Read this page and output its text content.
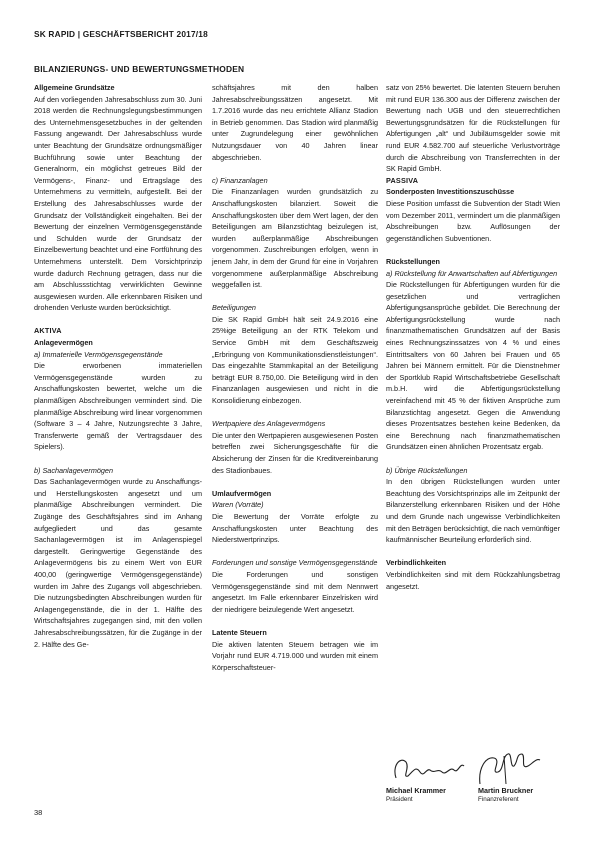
SK RAPID | GESCHÄFTSBERICHT 2017/18
BILANZIERUNGS- UND BEWERTUNGSMETHODEN

Allgemeine Grundsätze

Auf den vorliegenden Jahresabschluss zum 30. Juni 2018 werden die Rechnungslegungsbestimmungen des Unternehmensgesetzbuches in der geltenden Fassung angewandt. Der Jahresabschluss wurde unter Beachtung der Grundsätze ordnungsmäßiger Buchführung sowie unter Beachtung der Generalnorm, ein möglichst getreues Bild der Vermögens-, Finanz- und Ertragslage des Unternehmens zu vermitteln, aufgestellt. Bei der Erstellung des Jahresabschlusses wurde der Grundsatz der Vollständigkeit eingehalten. Bei der Bewertung der einzelnen Vermögensgegenstände und Schulden wurde der Grundsatz der Einzelbewertung beachtet und eine Fortführung des Unternehmens unterstellt. Dem Vorsichtprinzip wurde dadurch Rechnung getragen, dass nur die am Abschlussstichtag verwirklichten Gewinne ausgewiesen wurden. Alle erkennbaren Risiken und drohenden Verluste wurden berücksichtigt.

AKTIVA

Anlagevermögen

a) Immaterielle Vermögensgegenstände

Die erworbenen immateriellen Vermögensgegenstände wurden zu Anschaffungskosten bewertet, welche um die planmäßigen Abschreibungen vermindert sind. Die planmäßige Abschreibung wird linear vorgenommen (Software 3 – 4 Jahre, Nutzungsrechte 3 Jahre, Transferwerte gemäß der Vertragsdauer des Spielers).

b) Sachanlagevermögen

Das Sachanlagevermögen wurde zu Anschaffungs- und Herstellungskosten angesetzt und um planmäßige Abschreibungen vermindert. Die Zugänge des Geschäftsjahres sind im Anhang aufgegliedert und das gesamte Sachanlagevermögen ist im Anlagenspiegel dargestellt. Geringwertige Gegenstände des Anlagevermögens bis zu einem Wert von EUR 400,00 (geringwertige Vermögensgegenstände) wurden im Jahre des Zugangs voll abgeschrieben. Die nutzungsbedingten Abschreibungen wurden für Anlagengegenstände, die in der 1. Hälfte des Wirtschaftsjahres zugegangen sind, mit den vollen Jahresabschreibungssätzen, für die Zugänge in der 2. Hälfte des Ge-

schäftsjahres mit den halben Jahresabschreibungssätzen angesetzt. Mit 1.7.2016 wurde das neu errichtete Allianz Stadion in Betrieb genommen. Das Stadion wird planmäßig unter Zugrundelegung einer gewöhnlichen Nutzungsdauer von 40 Jahren linear abgeschrieben.

c) Finanzanlagen

Die Finanzanlagen wurden grundsätzlich zu Anschaffungskosten bilanziert. Soweit die Anschaffungskosten über dem Wert lagen, der den Beteiligungen am Bilanzstichtag beizulegen ist, wurden außerplanmäßige Abschreibungen vorgenommen. Zuschreibungen erfolgen, wenn in jenem Jahr, in dem der Grund für eine in Vorjahren vorgenommene außerplanmäßige Abschreibung weggefallen ist.

Beteiligungen

Die SK Rapid GmbH hält seit 24.9.2016 eine 25%ige Beteiligung an der RTK Telekom und Service GmbH mit dem Geschäftszweig „Erbringung von Kommunikationsdienstleistungen“. Das eingezahlte Stammkapital an der Beteiligung beträgt EUR 8.750,00. Die Beteiligung wird in den Finanzanlagen ausgewiesen und nicht in die Konsolidierung einbezogen.

Wertpapiere des Anlagevermögens

Die unter den Wertpapieren ausgewiesenen Posten betreffen zwei Sicherungsgeschäfte für die Absicherung der Zinsen für die Kreditvereinbarung des Stadionbaues.

Umlaufvermögen

Waren (Vorräte)

Die Bewertung der Vorräte erfolgte zu Anschaffungskosten unter Beachtung des Niederstwertprinzips.

Forderungen und sonstige Vermögensgegenstände

Die Forderungen und sonstigen Vermögensgegenstände sind mit dem Nennwert angesetzt. Im Falle erkennbarer Einzelrisken wird der niedrigere beizulegende Wert angesetzt.

Latente Steuern

Die aktiven latenten Steuern betragen wie im Vorjahr rund EUR 4.719.000 und wurden mit einem Körperschaftsteuer-

satz von 25% bewertet. Die latenten Steuern beruhen mit rund EUR 136.300 aus der Differenz zwischen der Bewertung nach UGB und den steuerrechtlichen Bewertungsgrundsätzen für die Rückstellungen für Abfertigungen „alt“ und Jubiläumsgelder sowie mit rund EUR 4.582.700 auf steuerliche Verlustvorträge durch die Abschreibung von Transferrechten in der SK Rapid GmbH.

PASSIVA

Sonderposten Investitionszuschüsse

Diese Position umfasst die Subvention der Stadt Wien vom Dezember 2011, vermindert um die planmäßigen Abschreibungen bzw. Auflösungen der gegenständlichen Subventionen.

Rückstellungen

a) Rückstellung für Anwartschaften auf Abfertigungen

Die Rückstellungen für Abfertigungen wurden für die gesetzlichen und vertraglichen Abfertigungsansprüche gebildet. Die Berechnung der Abfertigungsrückstellung wurde nach finanzmathematischen Grundsätzen auf der Basis eines Rechnungszinssatzes von 4 % und eines Eintrittsalters von 60 Jahren bei Frauen und 65 Jahren bei Männern ermittelt. Für die Dienstnehmer der Sportklub Rapid Wirtschaftsbetriebe Gesellschaft m.b.H. wird die Abfertigungsrückstellung vereinfachend mit 45 % der fiktiven Ansprüche zum Bilanzstichtag angesetzt. Gegen die Anwendung dieses Prozentsatzes bestehen keine Bedenken, da eine Berechnung nach finanzmathematischen Grundsätzen einen ähnlichen Prozentsatz ergab.

b) Übrige Rückstellungen

In den übrigen Rückstellungen wurden unter Beachtung des Vorsichtsprinzips alle im Zeitpunkt der Bilanzerstellung erkennbaren Risiken und der Höhe und dem Grunde nach ungewisse Verbindlichkeiten mit den Beträgen berücksichtigt, die nach vernünftiger kaufmännischer Beurteilung erforderlich sind.

Verbindlichkeiten

Verbindlichkeiten sind mit dem Rückzahlungsbetrag angesetzt.

Michael Krammer
Präsident
Martin Bruckner
Finanzreferent
38
